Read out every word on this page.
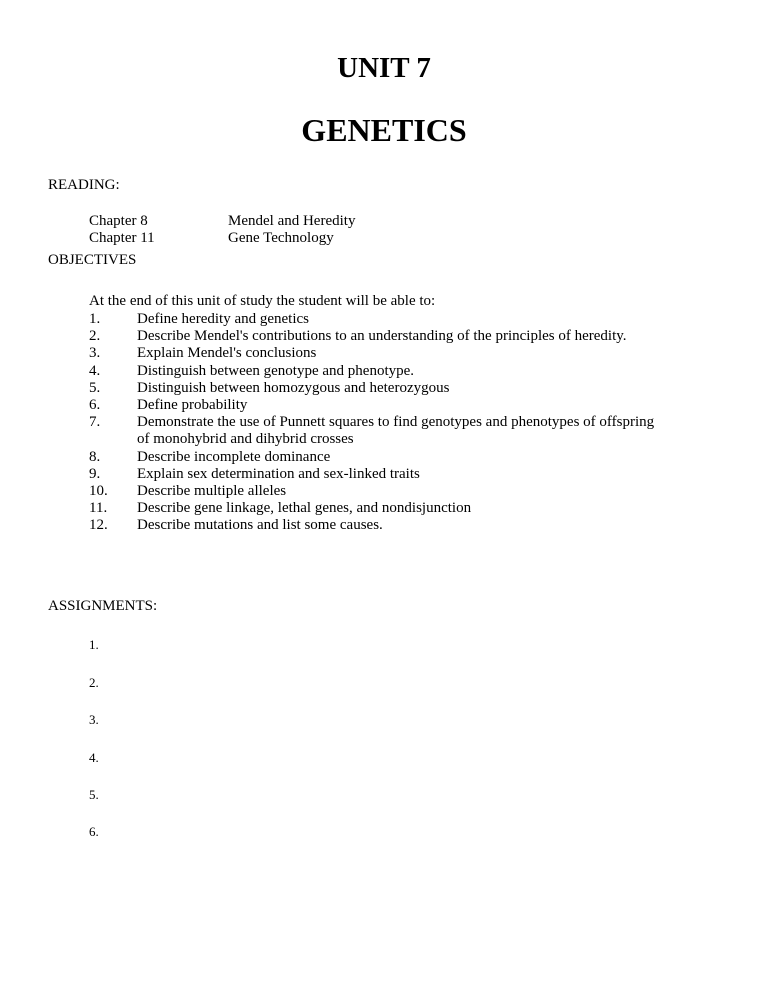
UNIT 7
GENETICS
READING:
Chapter 8	Mendel and Heredity
Chapter 11	Gene Technology
OBJECTIVES
At the end of this unit of study the student will be able to:
1.	Define heredity and genetics
2.	Describe Mendel's contributions to an understanding of the principles of heredity.
3.	Explain Mendel's conclusions
4.	Distinguish between genotype and phenotype.
5.	Distinguish between homozygous and heterozygous
6.	Define probability
7.	Demonstrate the use of Punnett squares to find genotypes and phenotypes of offspring of monohybrid and dihybrid crosses
8.	Describe incomplete dominance
9.	Explain sex determination and sex-linked traits
10.	Describe multiple alleles
11.	Describe gene linkage, lethal genes, and nondisjunction
12.	Describe mutations and list some causes.
ASSIGNMENTS:
1.
2.
3.
4.
5.
6.
